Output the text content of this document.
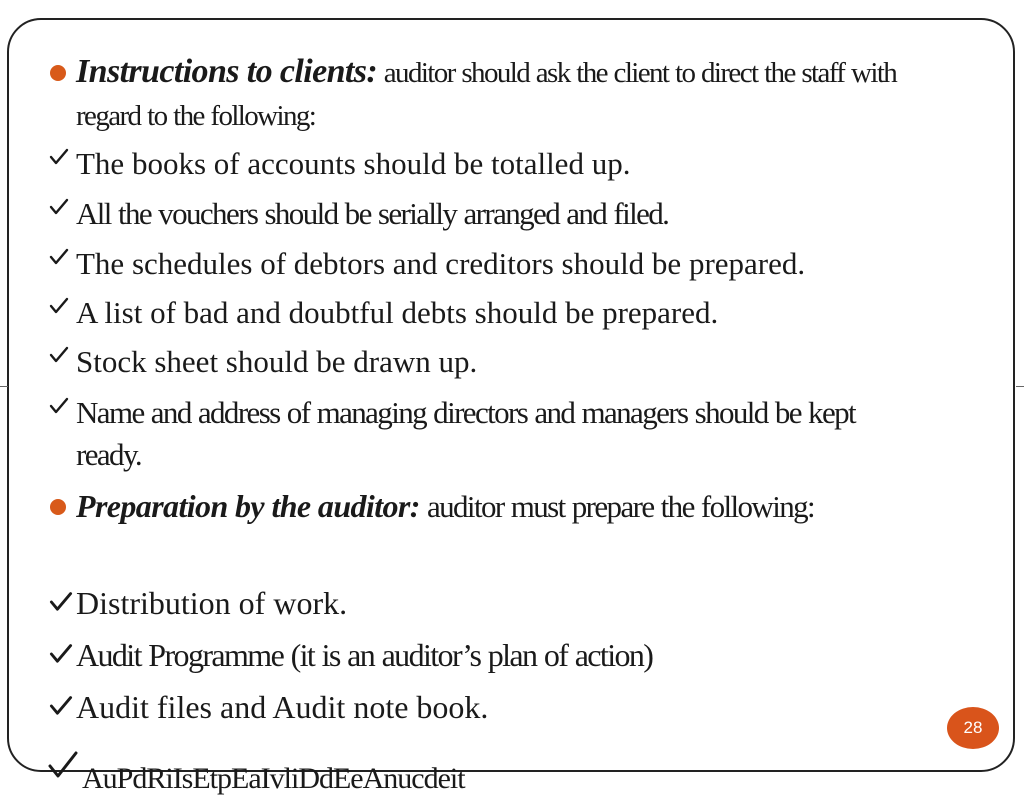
Instructions to clients: auditor should ask the client to direct the staff with regard to the following:
The books of accounts should be totalled up.
All the vouchers should be serially arranged and filed.
The schedules of debtors and creditors should be prepared.
A list of bad and doubtful debts should be prepared.
Stock sheet should be drawn up.
Name and address of managing directors and managers should be kept ready.
Preparation by the auditor: auditor must prepare the following:
Distribution of work.
Audit Programme (it is an auditor’s plan of action)
Audit files and Audit note book.
AuPdRiIsEtpEaIvliDdEeAnucdeit
28
